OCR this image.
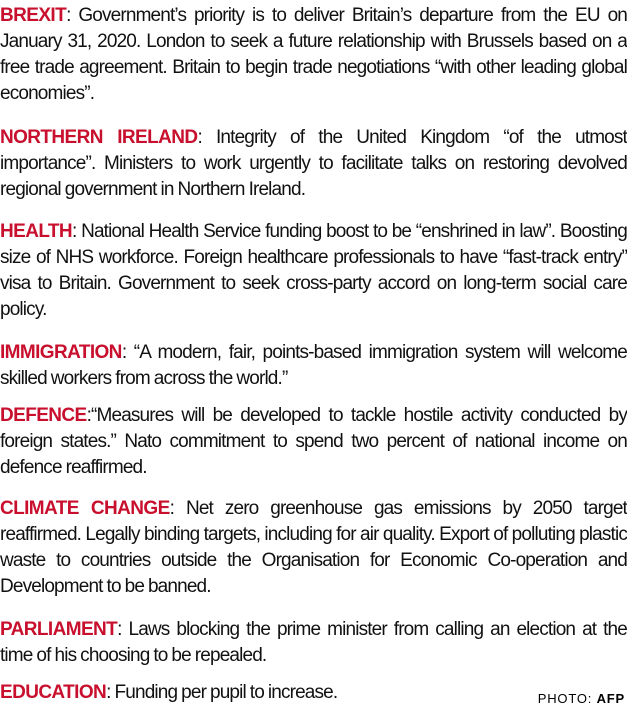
BREXIT: Government’s priority is to deliver Britain’s departure from the EU on January 31, 2020. London to seek a future relationship with Brussels based on a free trade agreement. Britain to begin trade negotiations “with other leading global economies”.

NORTHERN IRELAND: Integrity of the United Kingdom “of the utmost importance”. Ministers to work urgently to facilitate talks on restoring devolved regional government in Northern Ireland.

HEALTH: National Health Service funding boost to be “enshrined in law”. Boosting size of NHS workforce. Foreign healthcare professionals to have “fast-track entry” visa to Britain. Government to seek cross-party accord on long-term social care policy.

IMMIGRATION: “A modern, fair, points-based immigration system will welcome skilled workers from across the world.”

DEFENCE:“Measures will be developed to tackle hostile activity conducted by foreign states.” Nato commitment to spend two percent of national income on defence reaffirmed.

CLIMATE CHANGE: Net zero greenhouse gas emissions by 2050 target reaffirmed. Legally binding targets, including for air quality. Export of polluting plastic waste to countries outside the Organisation for Economic Co-operation and Development to be banned.

PARLIAMENT: Laws blocking the prime minister from calling an election at the time of his choosing to be repealed.

EDUCATION: Funding per pupil to increase.	PHOTO: AFP
